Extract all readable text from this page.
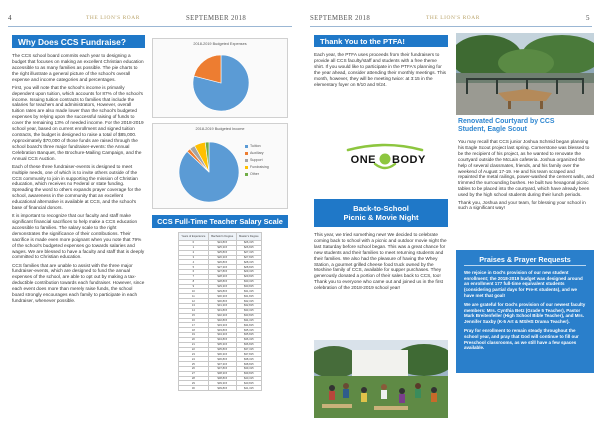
4	THE LION'S ROAR	SEPTEMBER 2018
Why Does CCS Fundraise?

The CCS school board commits each year to designing a budget that focuses on making an excellent Christian education accessible to as many families as possible. The pie charts to the right illustrate a general picture of the school's overall expense and income categories and percentages.

First, you will note that the school's income is primarily dependent upon tuition, which accounts for 87% of the school's income. Issuing tuition contracts to families that include the salaries for teachers and administrators, However, overall tuition rates are also made lower than the school's budgeted expenses by relying upon the successful raising of funds to cover the remaining 13% of needed income. For the 2018-2019 school year, based on current enrollment and signed tuition contracts, the budget is designed to raise a total of $85,000. Approximately $70,000 of those funds are raised through the school board's three major fundraiser-events: the Annual Celebration Banquet, the Brochure-Mailing Campaign, and the Annual CCS Auction.

Each of these three fundraiser-events is designed to meet multiple needs, one of which is to invite others outside of the CCS community to join in supporting the mission of Christian education, which receives no Federal or state funding. Spreading the word to others expands prayer coverage for the school, awareness in the community that an excellent educational alternative is available at CCS, and the school's base of financial donors.

It is important to recognize that our faculty and staff make significant financial sacrifices to help make a CCS education accessible to families. The salary scale to the right demonstrates the significance of their contributions. Their sacrifice is made even more poignant when you note that 79% of the school's budgeted expenses go towards salaries and wages. We are blessed to have a faculty and staff that is deeply committed to Christian education.

CCS families that are unable to assist with the three major fundraiser-events, which are designed to fund the annual expenses of the school, are able to opt out by making a tax-deductible contribution towards each fundraiser. However, since each event does more than merely raise funds, the school board strongly encourages each family to participate in each fundraiser, whenever possible.

2018-2019 Budgeted Expenses
2018-2019 Budgeted Income
Tuition
Auxiliary
Support
Fundraising
Other
CCS Full-Time Teacher Salary Scale
Years of Experience	Bachelor's Degree	Master's Degree
0	$24,815	$26,315
1	$25,315	$26,815
2	$25,815	$27,315
3	$26,315	$27,815
4	$26,815	$28,315
5	$27,315	$28,815
6	$27,815	$29,315
7	$28,315	$29,815
8	$28,815	$30,315
9	$29,315	$30,815
10	$29,815	$31,315
11	$30,315	$31,815
12	$30,815	$32,315
13	$31,315	$32,815
14	$31,815	$33,315
15	$32,315	$33,815
16	$32,815	$34,315
17	$33,315	$34,815
18	$33,815	$35,315
19	$34,315	$35,815
20	$34,815	$36,315
21	$35,315	$36,815
22	$35,815	$37,315
23	$36,315	$37,815
24	$36,815	$38,315
25	$37,315	$38,815
26	$37,815	$39,315
27	$38,315	$39,815
28	$38,815	$40,315
29	$39,315	$40,815
30	$39,815	$41,315
SEPTEMBER 2018	THE LION'S ROAR	5
Thank You to the PTFA!

Each year, the PTFA uses proceeds from their fundraisers to provide all CCS faculty/staff and students with a free theme shirt. If you would like to participate in the PTFA's planning for the year ahead, consider attending their monthly meetings. This month, however, they will be meeting twice: at 3:15 in the elementary foyer on 9/10 and 9/24.

ONE BODY
Back-to-School
Picnic & Movie Night

This year, we tried something new! We decided to celebrate coming back to school with a picnic and outdoor movie night the last Saturday before school began. This was a great chance for new students and their families to meet returning students and their families. We also had the pleasure of having the Whey Station, a gourmet grilled cheese food truck owned by the Moshine family of CCS, available for supper purchases. They generously donated a portion of their sales back to CCS, too! Thank you to everyone who came out and joined us in the first celebration of the 2018-2019 school year!

Renovated Courtyard by CCS
Student, Eagle Scout

You may recall that CCS junior Joshua Schmid began planning his Eagle Scout project last spring. Cornerstone was blessed to be the recipient of his project, as he wanted to renovate the courtyard outside the McLain cafeteria. Joshua organized the help of several classmates, friends, and his family over the weekend of August 17-19. He and his team scraped and repainted the metal railings, power-washed the cement walls, and trimmed the surrounding bushes. He built two hexagonal picnic tables to be placed into the courtyard, which have already been used by the high school students during their lunch periods.

Thank you, Joshua and your team, for blessing your school in such a significant way!

Praises & Prayer Requests

We rejoice in God's provision of our new student enrollment; the 2018-2019 budget was designed around an enrollment 177 full-time equivalent students (considering partial days for Pre-K students), and we have met that goal!

We are grateful for God's provision of our newest faculty members: Mrs. Cynthia Betz (Grade 5 Teacher), Pastor Mark Breitenfeller (High School Bible Teacher), and Mrs. Jennifer Saxby (K-5 Art & MS/HS Drama Teacher).

Pray for enrollment to remain steady throughout the school year, and pray that God will continue to fill our Preschool classrooms, as we still have a few spaces available.
